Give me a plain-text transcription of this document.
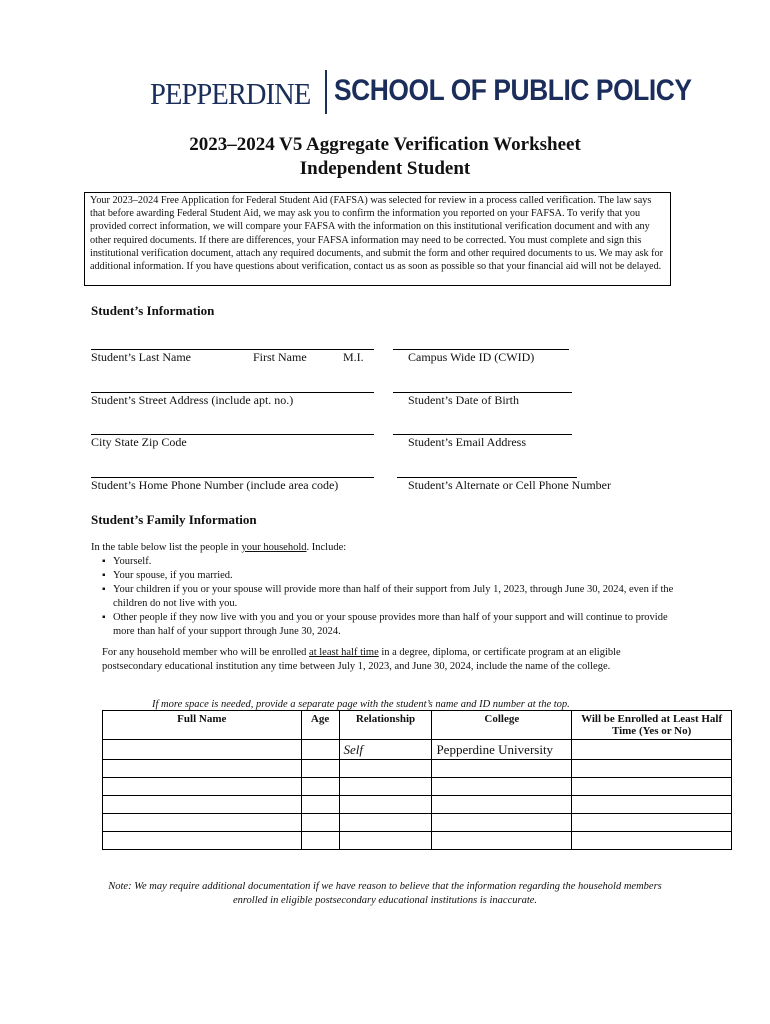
PEPPERDINE SCHOOL OF PUBLIC POLICY
2023–2024 V5 Aggregate Verification Worksheet
Independent Student
Your 2023–2024 Free Application for Federal Student Aid (FAFSA) was selected for review in a process called verification. The law says that before awarding Federal Student Aid, we may ask you to confirm the information you reported on your FAFSA. To verify that you provided correct information, we will compare your FAFSA with the information on this institutional verification document and with any other required documents. If there are differences, your FAFSA information may need to be corrected. You must complete and sign this institutional verification document, attach any required documents, and submit the form and other required documents to us. We may ask for additional information. If you have questions about verification, contact us as soon as possible so that your financial aid will not be delayed.
Student’s Information
Student’s Last Name	First Name	M.I.	Campus Wide ID (CWID)
Student’s Street Address (include apt. no.)	Student’s Date of Birth
City State Zip Code	Student’s Email Address
Student’s Home Phone Number (include area code)	Student’s Alternate or Cell Phone Number
Student’s Family Information
In the table below list the people in your household. Include:
▪ Yourself.
▪ Your spouse, if you married.
▪ Your children if you or your spouse will provide more than half of their support from July 1, 2023, through June 30, 2024, even if the children do not live with you.
▪ Other people if they now live with you and you or your spouse provides more than half of your support and will continue to provide more than half of your support through June 30, 2024.
For any household member who will be enrolled at least half time in a degree, diploma, or certificate program at an eligible postsecondary educational institution any time between July 1, 2023, and June 30, 2024, include the name of the college.
If more space is needed, provide a separate page with the student’s name and ID number at the top.
Full Name	Age	Relationship	College	Will be Enrolled at Least Half Time (Yes or No)
		Self	Pepperdine University	

Note: We may require additional documentation if we have reason to believe that the information regarding the household members enrolled in eligible postsecondary educational institutions is inaccurate.
